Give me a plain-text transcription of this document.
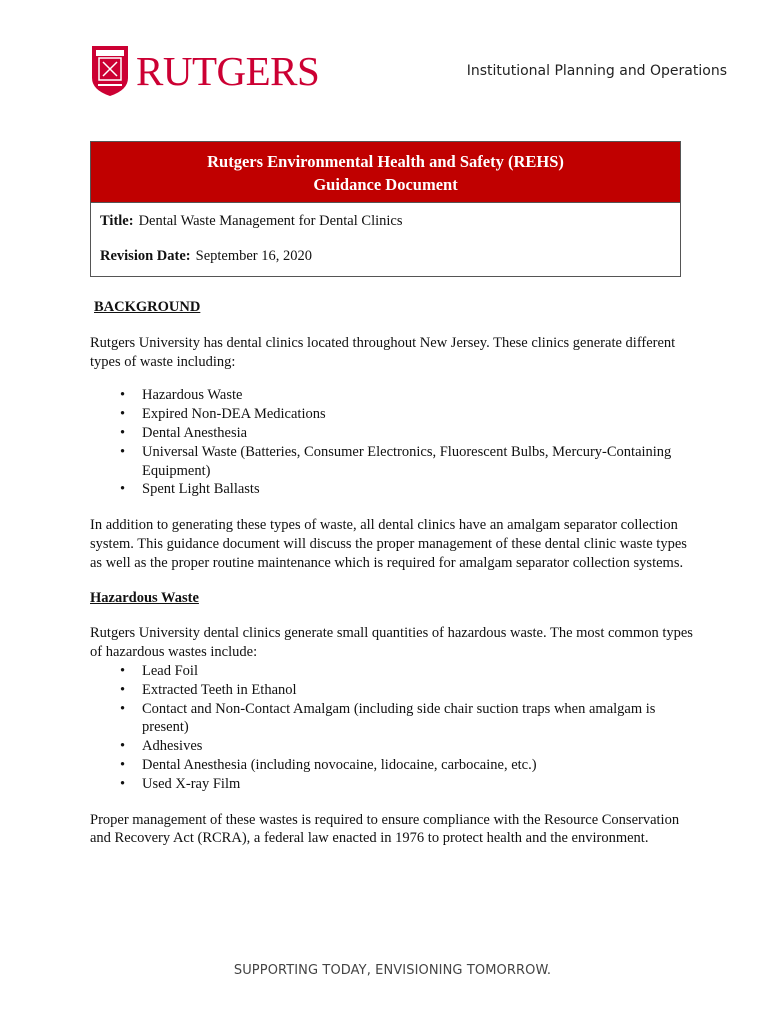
RUTGERS	Institutional Planning and Operations
Rutgers Environmental Health and Safety (REHS)
Guidance Document
Title: Dental Waste Management for Dental Clinics
Revision Date: September 16, 2020

BACKGROUND

Rutgers University has dental clinics located throughout New Jersey. These clinics generate different types of waste including:

• Hazardous Waste
• Expired Non-DEA Medications
• Dental Anesthesia
• Universal Waste (Batteries, Consumer Electronics, Fluorescent Bulbs, Mercury-Containing Equipment)
• Spent Light Ballasts

In addition to generating these types of waste, all dental clinics have an amalgam separator collection system. This guidance document will discuss the proper management of these dental clinic waste types as well as the proper routine maintenance which is required for amalgam separator collection systems.

Hazardous Waste

Rutgers University dental clinics generate small quantities of hazardous waste. The most common types of hazardous wastes include:

• Lead Foil
• Extracted Teeth in Ethanol
• Contact and Non-Contact Amalgam (including side chair suction traps when amalgam is present)
• Adhesives
• Dental Anesthesia (including novocaine, lidocaine, carbocaine, etc.)
• Used X-ray Film

Proper management of these wastes is required to ensure compliance with the Resource Conservation and Recovery Act (RCRA), a federal law enacted in 1976 to protect health and the environment.

SUPPORTING TODAY, ENVISIONING TOMORROW.
